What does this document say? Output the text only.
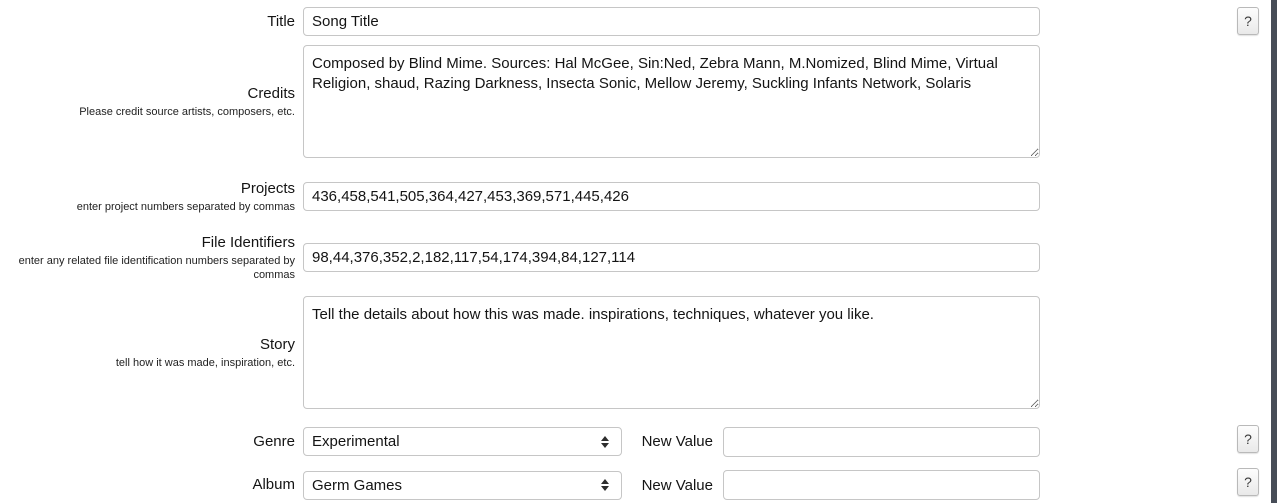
Title
Song Title
Credits
Please credit source artists, composers, etc.
Composed by Blind Mime. Sources: Hal McGee, Sin:Ned, Zebra Mann, M.Nomized, Blind Mime, Virtual Religion, shaud, Razing Darkness, Insecta Sonic, Mellow Jeremy, Suckling Infants Network, Solaris
Projects
enter project numbers separated by commas
436,458,541,505,364,427,453,369,571,445,426
File Identifiers
enter any related file identification numbers separated by commas
98,44,376,352,2,182,117,54,174,394,84,127,114
Story
tell how it was made, inspiration, etc.
Tell the details about how this was made. inspirations, techniques, whatever you like.
Genre Experimental	New Value
Album Germ Games	New Value
?
?
?
